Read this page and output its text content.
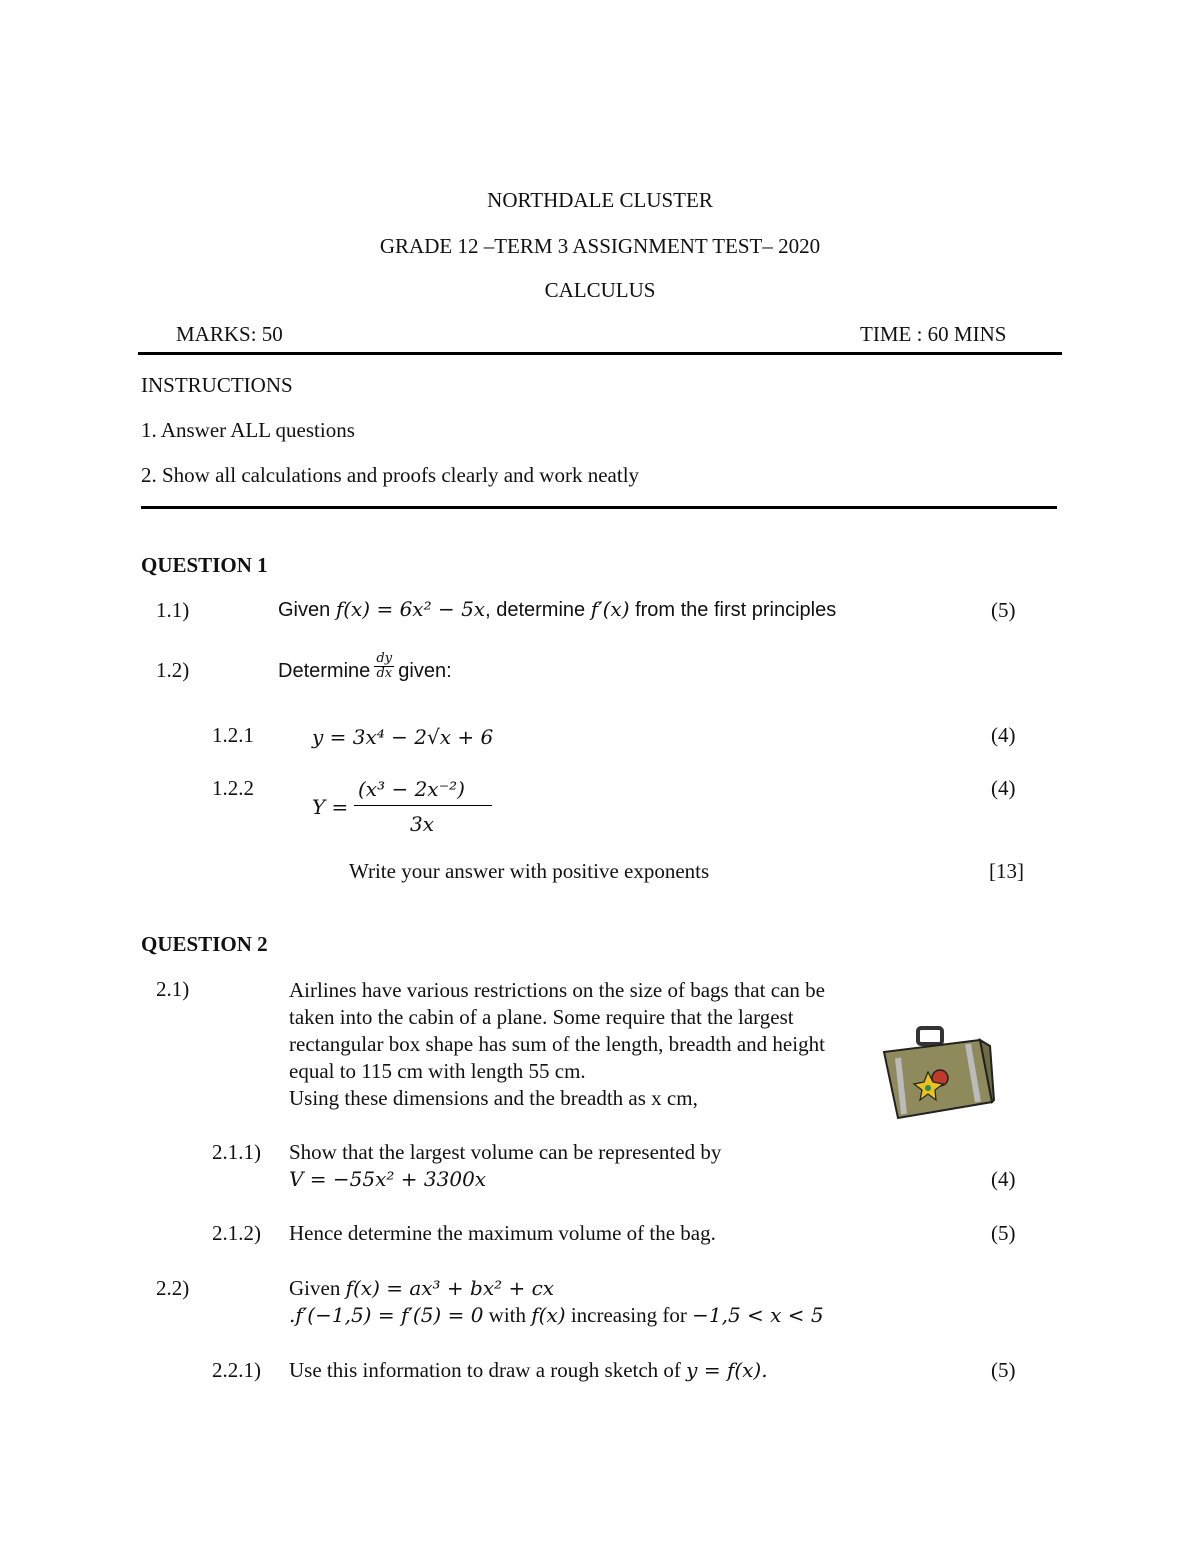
NORTHDALE CLUSTER
GRADE 12 –TERM 3 ASSIGNMENT TEST– 2020
CALCULUS
MARKS: 50	TIME : 60 MINS
INSTRUCTIONS
1. Answer ALL questions
2. Show all calculations and proofs clearly and work neatly
QUESTION 1
1.1)	Given f(x) = 6x² − 5x, determine f′(x) from the first principles	(5)
1.2)	Determine
dy
dx given:
1.2.1	y = 3x⁴ − 2√x + 6	(4)
1.2.2
Y =
(x³ − 2x⁻²)
3x
(4)
Write your answer with positive exponents	[13]
QUESTION 2
2.1)	Airlines have various restrictions on the size of bags that can be
taken into the cabin of a plane. Some require that the largest
rectangular box shape has sum of the length, breadth and height
equal to 115 cm with length 55 cm.
Using these dimensions and the breadth as x cm,
2.1.1) Show that the largest volume can be represented by
V = −55x² + 3300x	(4)
2.1.2) Hence determine the maximum volume of the bag.	(5)
2.2)	Given f(x) = ax³ + bx² + cx
.f′(−1,5) = f′(5) = 0 with f(x) increasing for −1,5 < x < 5
2.2.1) Use this information to draw a rough sketch of y = f(x).	(5)
